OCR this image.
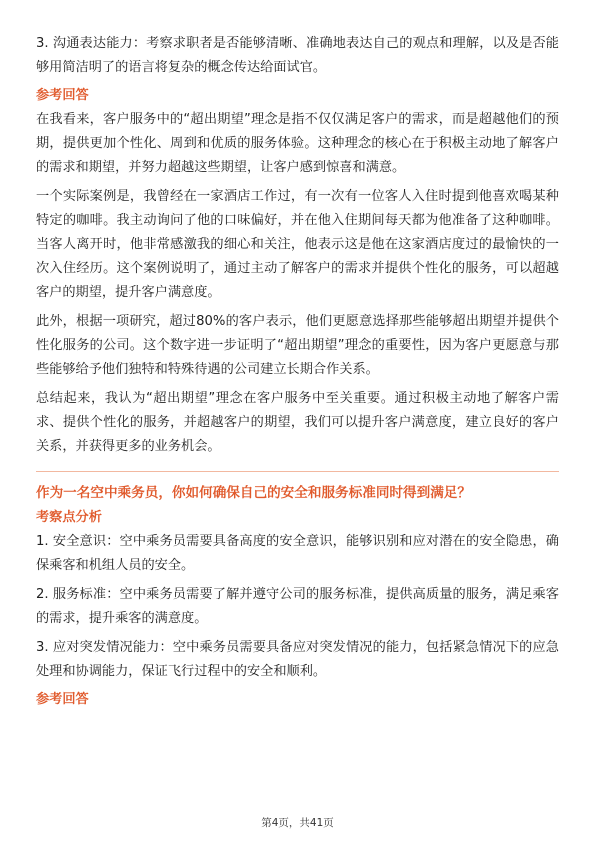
3. 沟通表达能力：考察求职者是否能够清晰、准确地表达自己的观点和理解，以及是否能够用简洁明了的语言将复杂的概念传达给面试官。

参考回答

在我看来，客户服务中的“超出期望”理念是指不仅仅满足客户的需求，而是超越他们的预期，提供更加个性化、周到和优质的服务体验。这种理念的核心在于积极主动地了解客户的需求和期望，并努力超越这些期望，让客户感到惊喜和满意。

一个实际案例是，我曾经在一家酒店工作过，有一次有一位客人入住时提到他喜欢喝某种特定的咖啡。我主动询问了他的口味偏好，并在他入住期间每天都为他准备了这种咖啡。当客人离开时，他非常感激我的细心和关注，他表示这是他在这家酒店度过的最愉快的一次入住经历。这个案例说明了，通过主动了解客户的需求并提供个性化的服务，可以超越客户的期望，提升客户满意度。

此外，根据一项研究，超过80%的客户表示，他们更愿意选择那些能够超出期望并提供个性化服务的公司。这个数字进一步证明了“超出期望”理念的重要性，因为客户更愿意与那些能够给予他们独特和特殊待遇的公司建立长期合作关系。

总结起来，我认为“超出期望”理念在客户服务中至关重要。通过积极主动地了解客户需求、提供个性化的服务，并超越客户的期望，我们可以提升客户满意度，建立良好的客户关系，并获得更多的业务机会。

作为一名空中乘务员，你如何确保自己的安全和服务标准同时得到满足？
考察点分析

1. 安全意识：空中乘务员需要具备高度的安全意识，能够识别和应对潜在的安全隐患，确保乘客和机组人员的安全。

2. 服务标准：空中乘务员需要了解并遵守公司的服务标准，提供高质量的服务，满足乘客的需求，提升乘客的满意度。

3. 应对突发情况能力：空中乘务员需要具备应对突发情况的能力，包括紧急情况下的应急处理和协调能力，保证飞行过程中的安全和顺利。

参考回答
第4页，共41页
